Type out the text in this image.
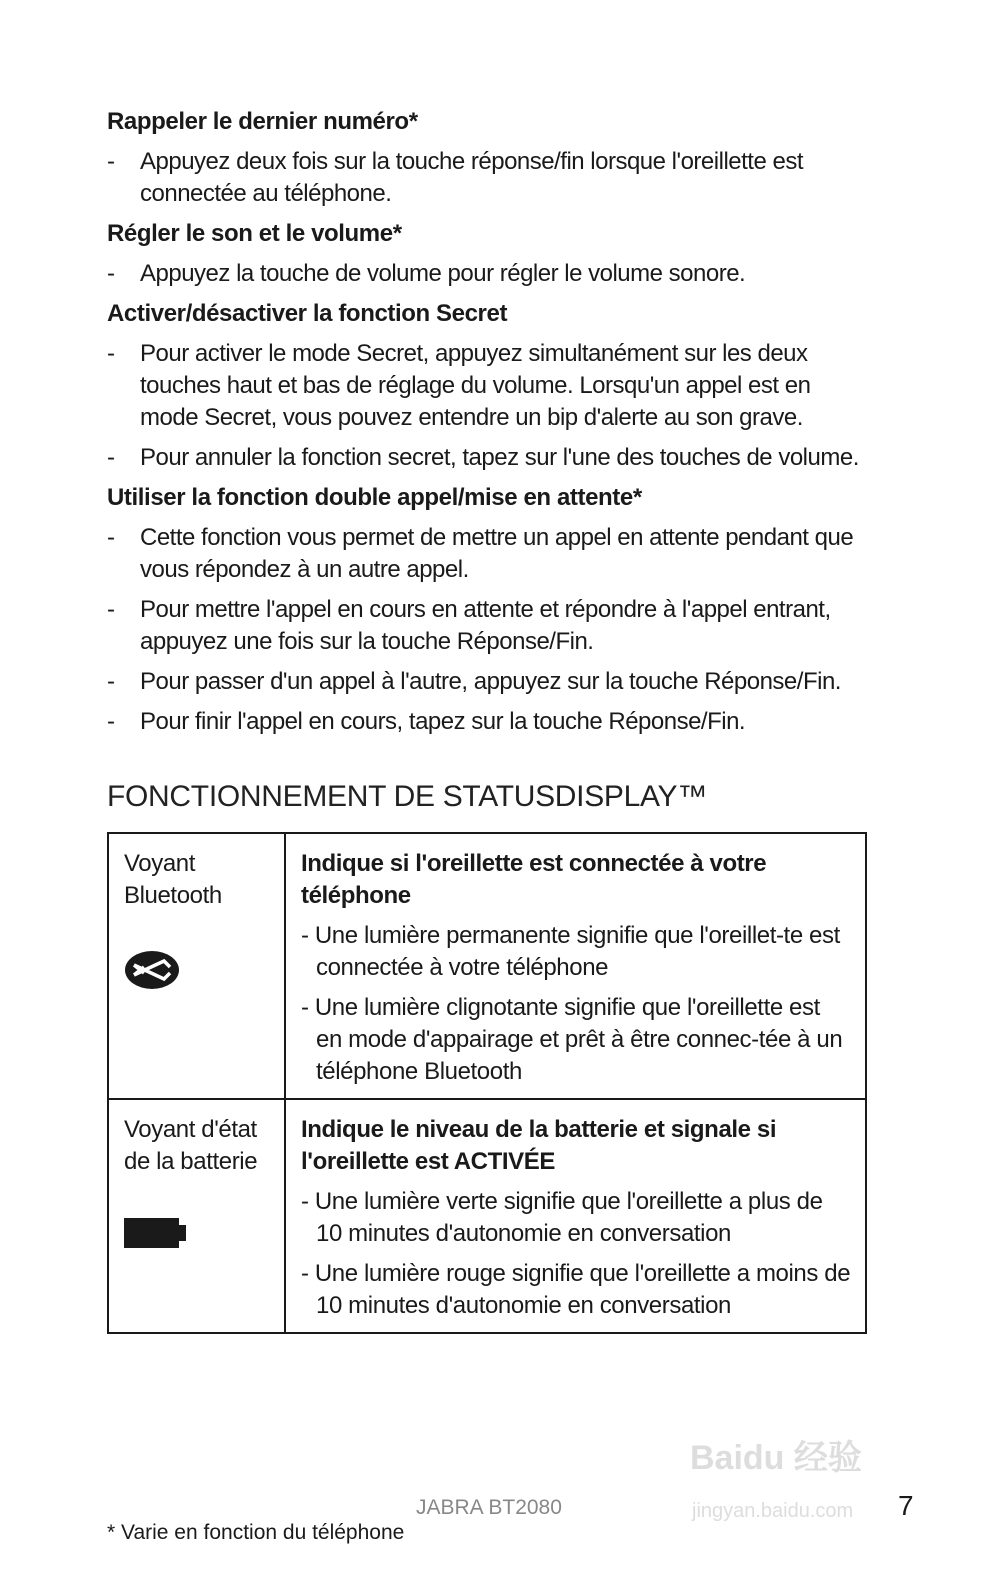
Rappeler le dernier numéro*
- Appuyez deux fois sur la touche réponse/fin lorsque l'oreillette est connectée au téléphone.
Régler le son et le volume*
- Appuyez la touche de volume pour régler le volume sonore.
Activer/désactiver la fonction Secret
- Pour activer le mode Secret, appuyez simultanément sur les deux touches haut et bas de réglage du volume. Lorsqu'un appel est en mode Secret, vous pouvez entendre un bip d'alerte au son grave.
- Pour annuler la fonction secret, tapez sur l'une des touches de volume.
Utiliser la fonction double appel/mise en attente*
- Cette fonction vous permet de mettre un appel en attente pendant que vous répondez à un autre appel.
- Pour mettre l'appel en cours en attente et répondre à l'appel entrant, appuyez une fois sur la touche Réponse/Fin.
- Pour passer d'un appel à l'autre, appuyez sur la touche Réponse/Fin.
- Pour finir l'appel en cours, tapez sur la touche Réponse/Fin.
FONCTIONNEMENT DE STATUSDISPLAY™
Voyant Bluetooth	Indique si l'oreillette est connectée à votre téléphone
- Une lumière permanente signifie que l'oreillet-te est connectée à votre téléphone
- Une lumière clignotante signifie que l'oreillette est en mode d'appairage et prêt à être connec-tée à un téléphone Bluetooth

Voyant d'état de la batterie	Indique le niveau de la batterie et signale si l'oreillette est ACTIVÉE
- Une lumière verte signifie que l'oreillette a plus de 10 minutes d'autonomie en conversation
- Une lumière rouge signifie que l'oreillette a moins de 10 minutes d'autonomie en conversation
Baidu 经验
jingyan.baidu.com
JABRA BT2080
* Varie en fonction du téléphone
7
